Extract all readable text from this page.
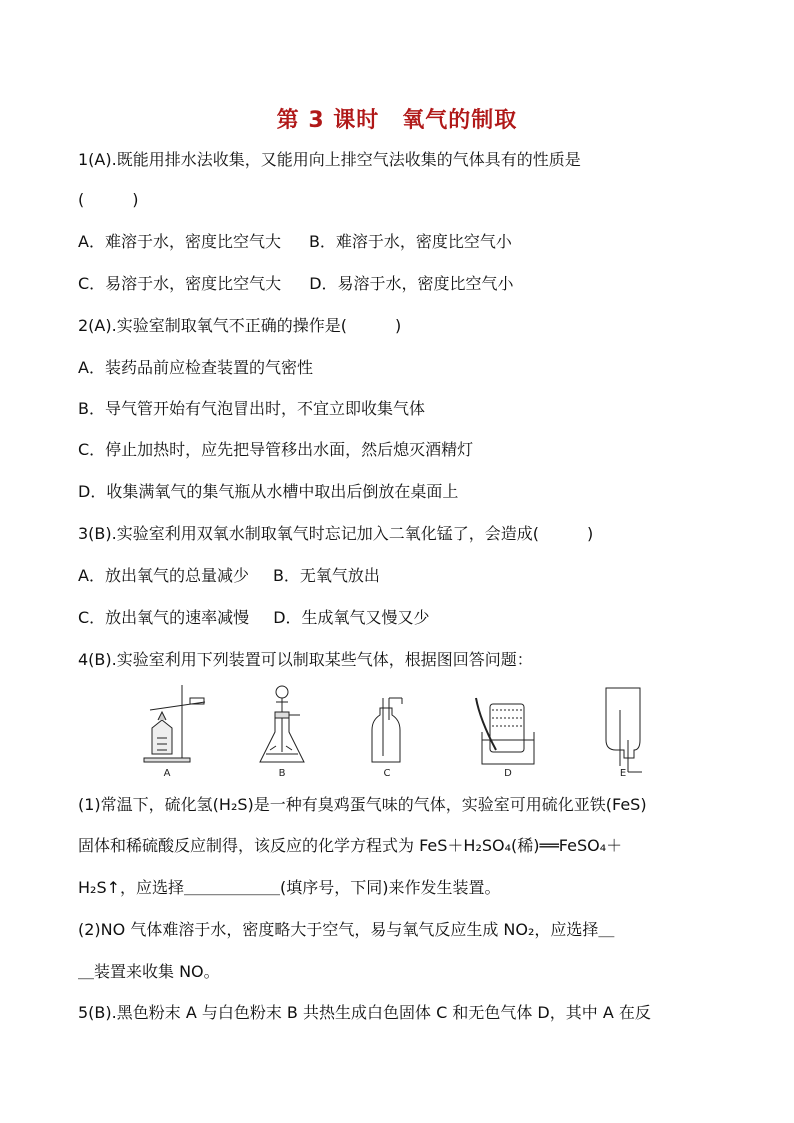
第 3 课时　氧气的制取
1(A).既能用排水法收集，又能用向上排空气法收集的气体具有的性质是
(　　　)
A．难溶于水，密度比空气大 B．难溶于水，密度比空气小
C．易溶于水，密度比空气大 D．易溶于水，密度比空气小
2(A).实验室制取氧气不正确的操作是(　　　)
A．装药品前应检查装置的气密性
B．导气管开始有气泡冒出时，不宜立即收集气体
C．停止加热时，应先把导管移出水面，然后熄灭酒精灯
D．收集满氧气的集气瓶从水槽中取出后倒放在桌面上
3(B).实验室利用双氧水制取氧气时忘记加入二氧化锰了，会造成(　　　)
A．放出氧气的总量减少 B．无氧气放出
C．放出氧气的速率减慢 D．生成氧气又慢又少
4(B).实验室利用下列装置可以制取某些气体，根据图回答问题：
A	B	C	D	E
(1)常温下，硫化氢(H₂S)是一种有臭鸡蛋气味的气体，实验室可用硫化亚铁(FeS)
固体和稀硫酸反应制得，该反应的化学方程式为 FeS＋H₂SO₄(稀)══FeSO₄＋
H₂S↑，应选择＿＿＿＿＿＿(填序号，下同)来作发生装置。
(2)NO 气体难溶于水，密度略大于空气，易与氧气反应生成 NO₂，应选择＿
＿装置来收集 NO。
5(B).黑色粉末 A 与白色粉末 B 共热生成白色固体 C 和无色气体 D，其中 A 在反
